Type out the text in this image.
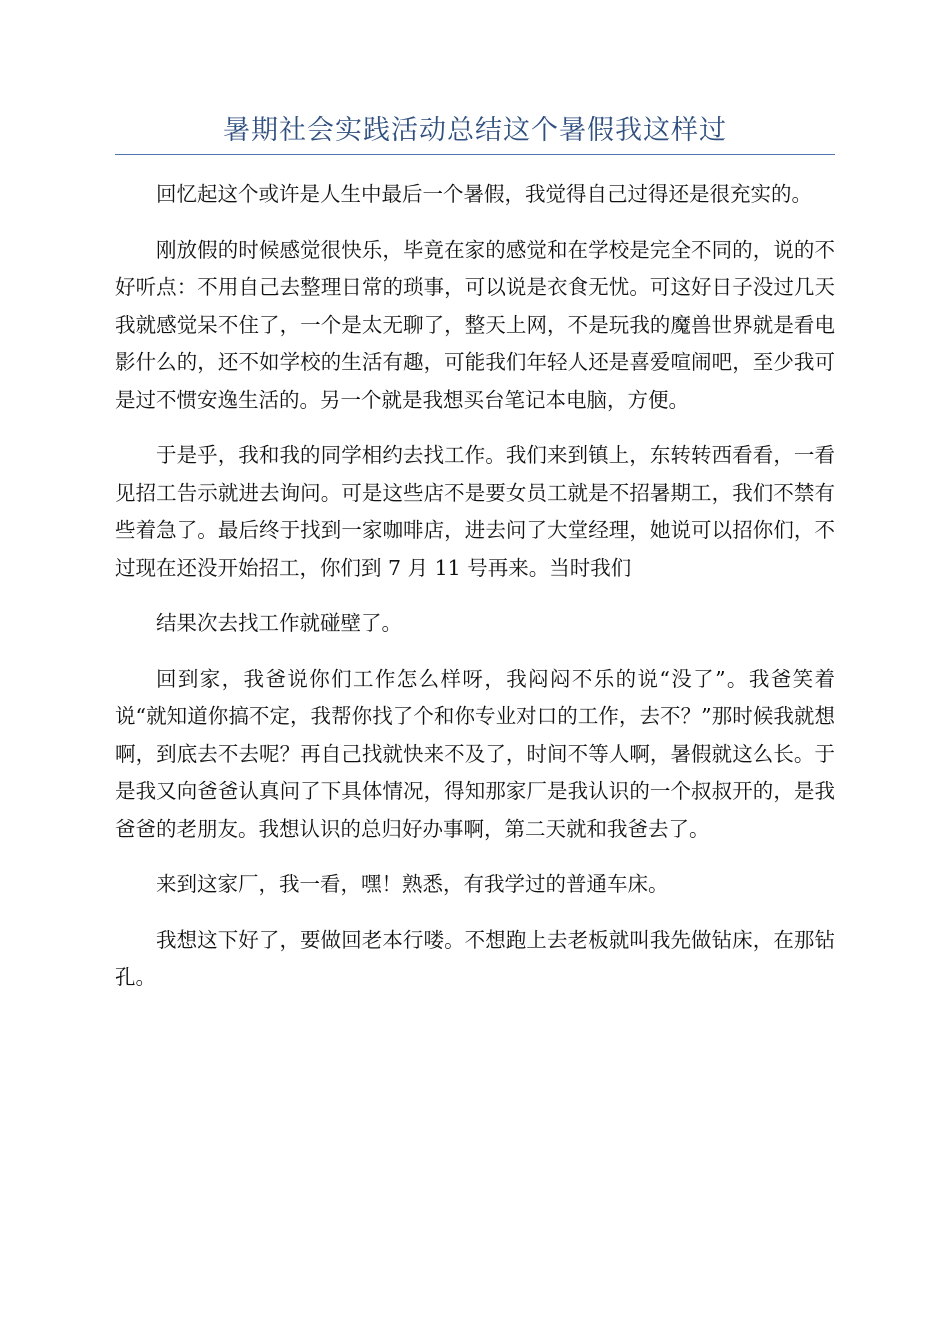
暑期社会实践活动总结这个暑假我这样过

回忆起这个或许是人生中最后一个暑假，我觉得自己过得还是很充实的。

刚放假的时候感觉很快乐，毕竟在家的感觉和在学校是完全不同的，说的不好听点：不用自己去整理日常的琐事，可以说是衣食无忧。可这好日子没过几天我就感觉呆不住了，一个是太无聊了，整天上网，不是玩我的魔兽世界就是看电影什么的，还不如学校的生活有趣，可能我们年轻人还是喜爱喧闹吧，至少我可是过不惯安逸生活的。另一个就是我想买台笔记本电脑，方便。

于是乎，我和我的同学相约去找工作。我们来到镇上，东转转西看看，一看见招工告示就进去询问。可是这些店不是要女员工就是不招暑期工，我们不禁有些着急了。最后终于找到一家咖啡店，进去问了大堂经理，她说可以招你们，不过现在还没开始招工，你们到 7 月 11 号再来。当时我们

结果次去找工作就碰壁了。

回到家，我爸说你们工作怎么样呀，我闷闷不乐的说“没了”。我爸笑着说“就知道你搞不定，我帮你找了个和你专业对口的工作，去不？”那时候我就想啊，到底去不去呢？再自己找就快来不及了，时间不等人啊，暑假就这么长。于是我又向爸爸认真问了下具体情况，得知那家厂是我认识的一个叔叔开的，是我爸爸的老朋友。我想认识的总归好办事啊，第二天就和我爸去了。

来到这家厂，我一看，嘿！熟悉，有我学过的普通车床。

我想这下好了，要做回老本行喽。不想跑上去老板就叫我先做钻床，在那钻孔。
